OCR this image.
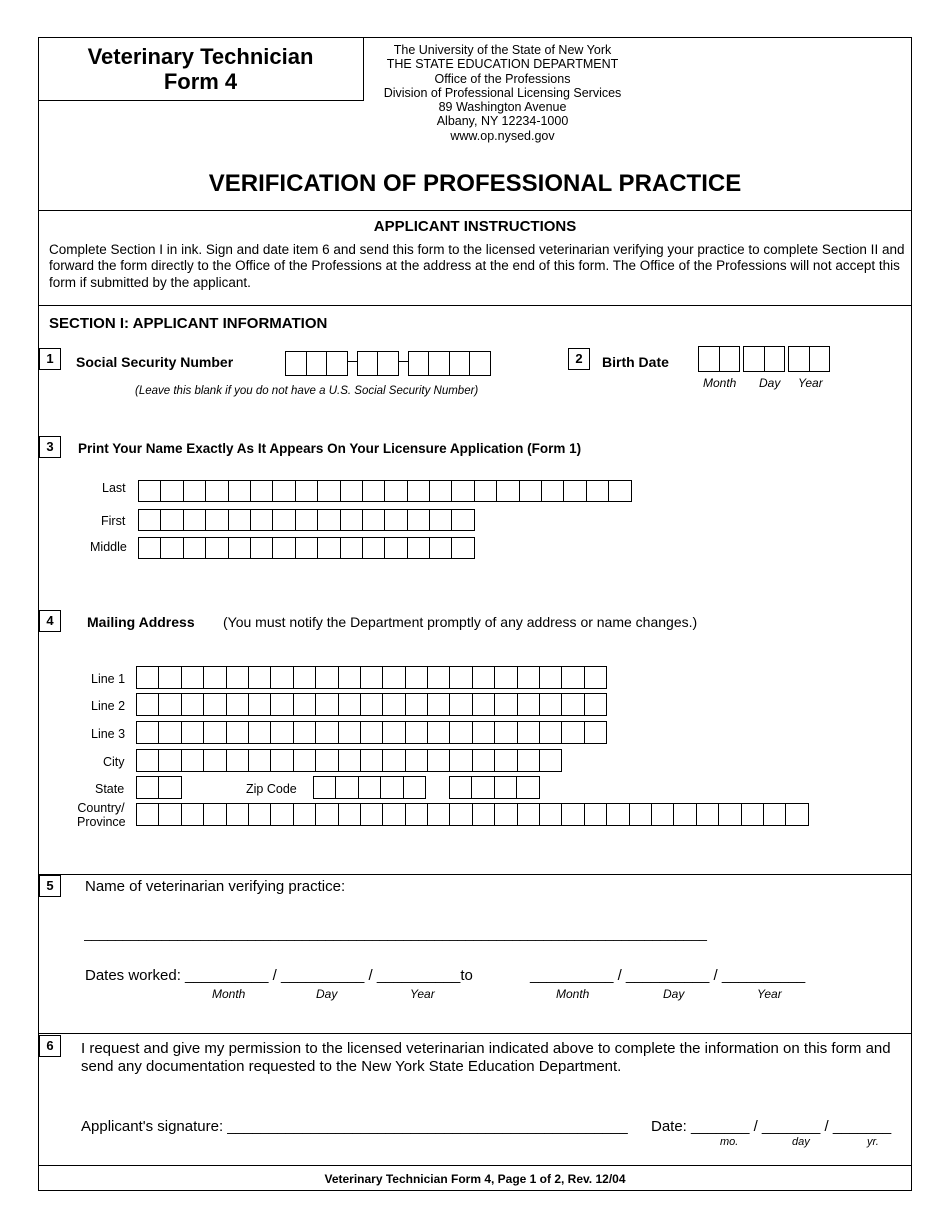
Veterinary Technician
Form 4
The University of the State of New York
THE STATE EDUCATION DEPARTMENT
Office of the Professions
Division of Professional Licensing Services
89 Washington Avenue
Albany, NY 12234-1000
www.op.nysed.gov
VERIFICATION OF PROFESSIONAL PRACTICE
APPLICANT INSTRUCTIONS
Complete Section I in ink. Sign and date item 6 and send this form to the licensed veterinarian verifying your practice to complete Section II and forward the form directly to the Office of the Professions at the address at the end of this form. The Office of the Professions will not accept this form if submitted by the applicant.
SECTION I: APPLICANT INFORMATION
1	Social Security Number
(Leave this blank if you do not have a U.S. Social Security Number)
2	Birth Date
Month Day Year
3	Print Your Name Exactly As It Appears On Your Licensure Application (Form 1)
Last
First
Middle
4	Mailing Address (You must notify the Department promptly of any address or name changes.)
Line 1
Line 2
Line 3
City
State	Zip Code
Country/
Province
5	Name of veterinarian verifying practice:
________________________________________________________________________________
Dates worked: __________ / __________ / __________to	__________ / __________ / __________
Month	Day	Year	Month	Day	Year
6	I request and give my permission to the licensed veterinarian indicated above to complete the information on this form and send any documentation requested to the New York State Education Department.
Applicant's signature: ________________________________________________ Date: _______ / _______ / _______
mo.	day	yr.
Veterinary Technician Form 4, Page 1 of 2, Rev. 12/04
